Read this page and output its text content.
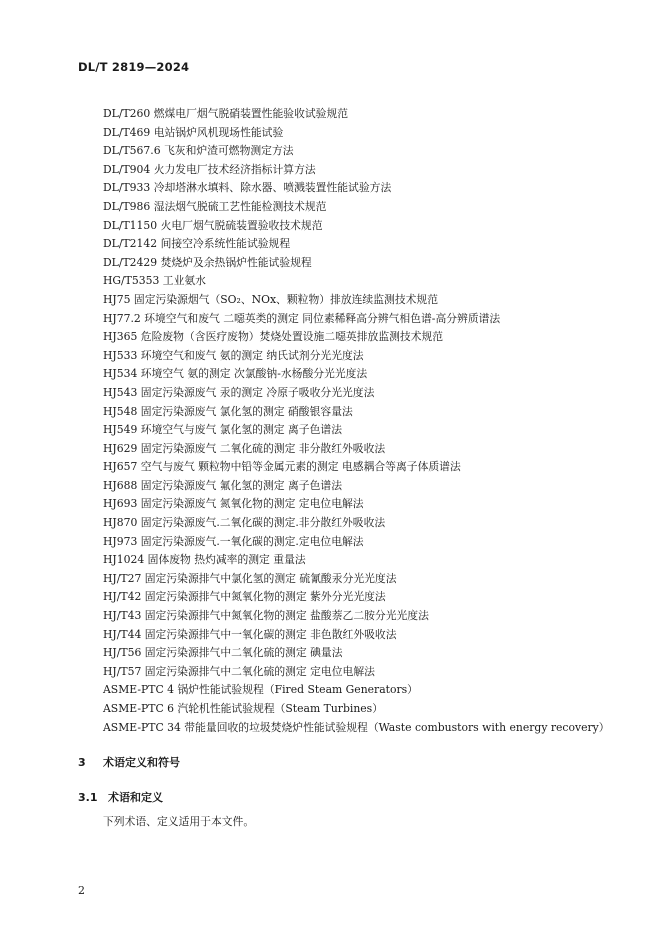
DL/T 2819—2024
DL/T260 燃煤电厂烟气脱硝装置性能验收试验规范
DL/T469 电站锅炉风机现场性能试验
DL/T567.6 飞灰和炉渣可燃物测定方法
DL/T904 火力发电厂技术经济指标计算方法
DL/T933 冷却塔淋水填料、除水器、喷溅装置性能试验方法
DL/T986 湿法烟气脱硫工艺性能检测技术规范
DL/T1150 火电厂烟气脱硫装置验收技术规范
DL/T2142 间接空冷系统性能试验规程
DL/T2429 焚烧炉及余热锅炉性能试验规程
HG/T5353 工业氨水
HJ75 固定污染源烟气（SO₂、NOx、颗粒物）排放连续监测技术规范
HJ77.2 环境空气和废气 二噁英类的测定 同位素稀释高分辨气相色谱-高分辨质谱法
HJ365 危险废物（含医疗废物）焚烧处置设施二噁英排放监测技术规范
HJ533 环境空气和废气 氨的测定 纳氏试剂分光光度法
HJ534 环境空气 氨的测定 次氯酸钠-水杨酸分光光度法
HJ543 固定污染源废气 汞的测定 冷原子吸收分光光度法
HJ548 固定污染源废气 氯化氢的测定 硝酸银容量法
HJ549 环境空气与废气 氯化氢的测定 离子色谱法
HJ629 固定污染源废气 二氧化硫的测定 非分散红外吸收法
HJ657 空气与废气 颗粒物中铅等金属元素的测定 电感耦合等离子体质谱法
HJ688 固定污染源废气 氟化氢的测定 离子色谱法
HJ693 固定污染源废气 氮氧化物的测定 定电位电解法
HJ870 固定污染源废气.二氧化碳的测定.非分散红外吸收法
HJ973 固定污染源废气.一氧化碳的测定.定电位电解法
HJ1024 固体废物 热灼减率的测定 重量法
HJ/T27 固定污染源排气中氯化氢的测定 硫氰酸汞分光光度法
HJ/T42 固定污染源排气中氮氧化物的测定 紫外分光光度法
HJ/T43 固定污染源排气中氮氧化物的测定 盐酸萘乙二胺分光光度法
HJ/T44 固定污染源排气中一氧化碳的测定 非色散红外吸收法
HJ/T56 固定污染源排气中二氧化硫的测定 碘量法
HJ/T57 固定污染源排气中二氧化硫的测定 定电位电解法
ASME-PTC 4 锅炉性能试验规程（Fired Steam Generators）
ASME-PTC 6 汽轮机性能试验规程（Steam Turbines）
ASME-PTC 34 带能量回收的垃圾焚烧炉性能试验规程（Waste combustors with energy recovery）
3 术语定义和符号
3.1 术语和定义
下列术语、定义适用于本文件。
2
